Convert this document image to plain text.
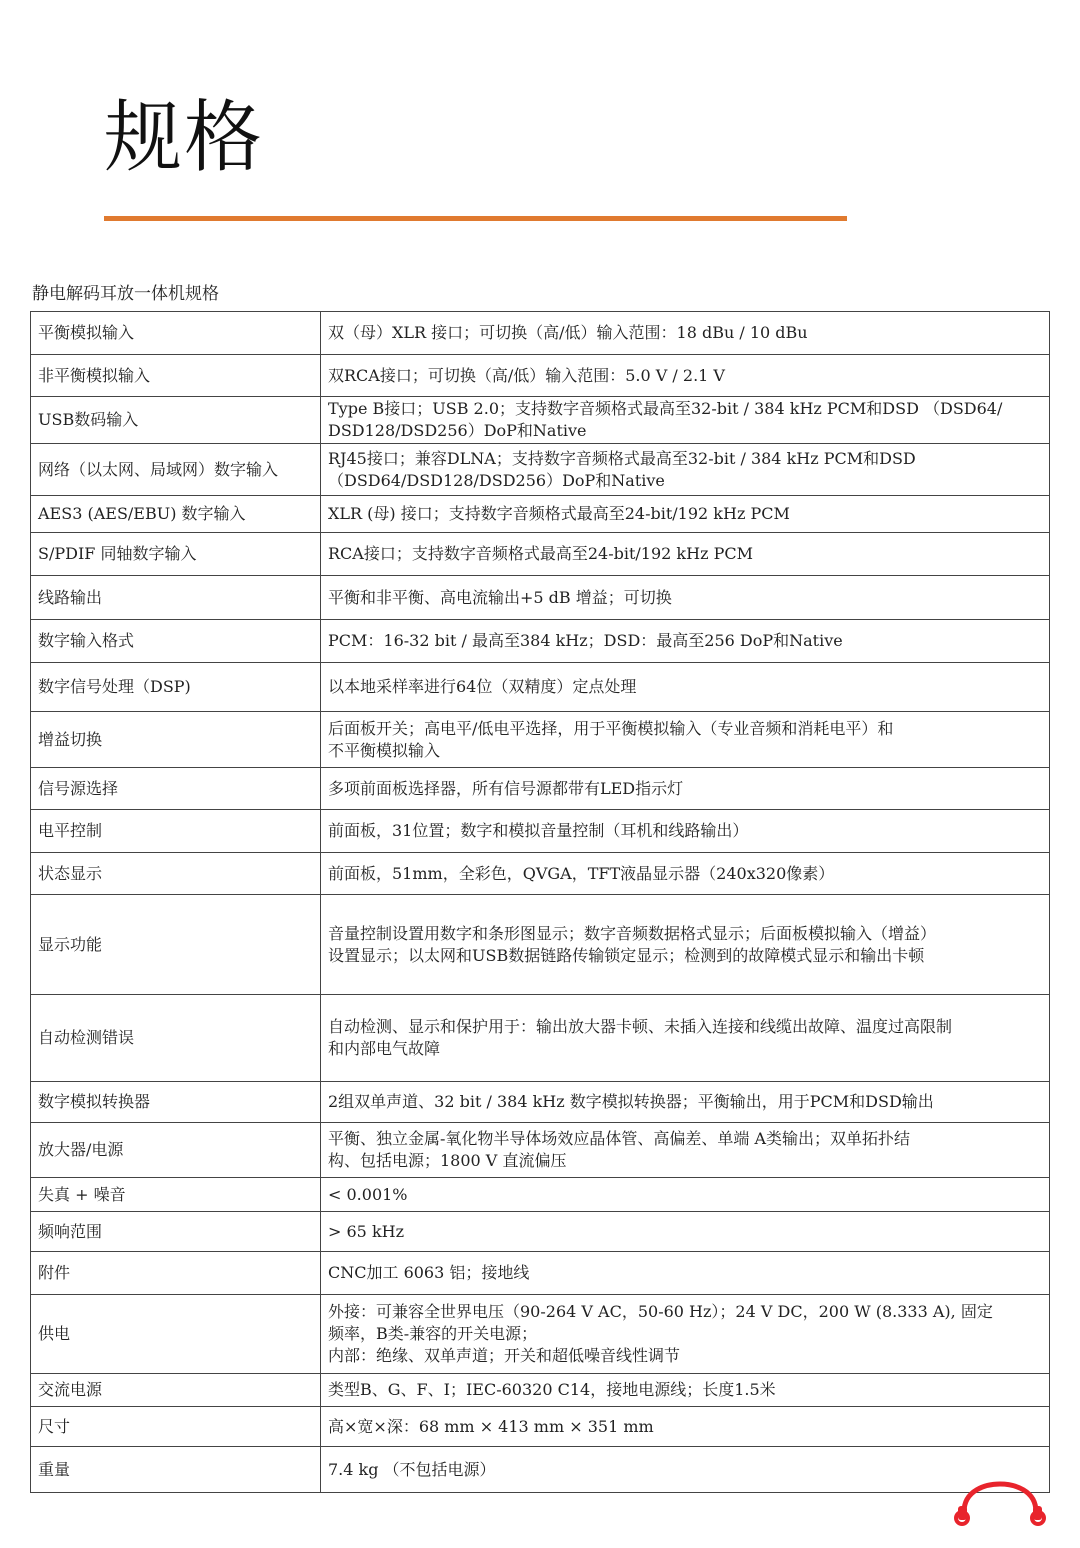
规格
静电解码耳放一体机规格
平衡模拟输入	双（母）XLR 接口；可切换（高/低）输入范围：18 dBu / 10 dBu
非平衡模拟输入	双RCA接口；可切换（高/低）输入范围：5.0 V / 2.1 V
USB数码输入	Type B接口；USB 2.0；支持数字音频格式最高至32-bit / 384 kHz PCM和DSD （DSD64/
DSD128/DSD256）DoP和Native
网络（以太网、局域网）数字输入	RJ45接口；兼容DLNA；支持数字音频格式最高至32-bit / 384 kHz PCM和DSD
（DSD64/DSD128/DSD256）DoP和Native
AES3 (AES/EBU) 数字输入	XLR (母) 接口；支持数字音频格式最高至24-bit/192 kHz PCM
S/PDIF 同轴数字输入	RCA接口；支持数字音频格式最高至24-bit/192 kHz PCM
线路输出	平衡和非平衡、高电流输出+5 dB 增益；可切换
数字输入格式	PCM：16-32 bit / 最高至384 kHz；DSD：最高至256 DoP和Native
数字信号处理（DSP)	以本地采样率进行64位（双精度）定点处理
增益切换	后面板开关；高电平/低电平选择，用于平衡模拟输入（专业音频和消耗电平）和
不平衡模拟输入
信号源选择	多项前面板选择器，所有信号源都带有LED指示灯
电平控制	前面板，31位置；数字和模拟音量控制（耳机和线路输出）
状态显示	前面板，51mm，全彩色，QVGA，TFT液晶显示器（240x320像素）
显示功能	音量控制设置用数字和条形图显示；数字音频数据格式显示；后面板模拟输入（增益）
设置显示；以太网和USB数据链路传输锁定显示；检测到的故障模式显示和输出卡顿
自动检测错误	自动检测、显示和保护用于：输出放大器卡顿、未插入连接和线缆出故障、温度过高限制
和内部电气故障
数字模拟转换器	2组双单声道、32 bit / 384 kHz 数字模拟转换器；平衡输出，用于PCM和DSD输出
放大器/电源	平衡、独立金属-氧化物半导体场效应晶体管、高偏差、单端 A类输出；双单拓扑结
构、包括电源；1800 V 直流偏压
失真 + 噪音	< 0.001%
频响范围	> 65 kHz
附件	CNC加工 6063 铝；接地线
供电	外接：可兼容全世界电压（90-264 V AC，50-60 Hz）；24 V DC，200 W (8.333 A), 固定
频率，B类-兼容的开关电源；
内部：绝缘、双单声道；开关和超低噪音线性调节
交流电源	类型B、G、F、I；IEC-60320 C14，接地电源线；长度1.5米
尺寸	高×宽×深：68 mm × 413 mm × 351 mm
重量	7.4 kg （不包括电源）
